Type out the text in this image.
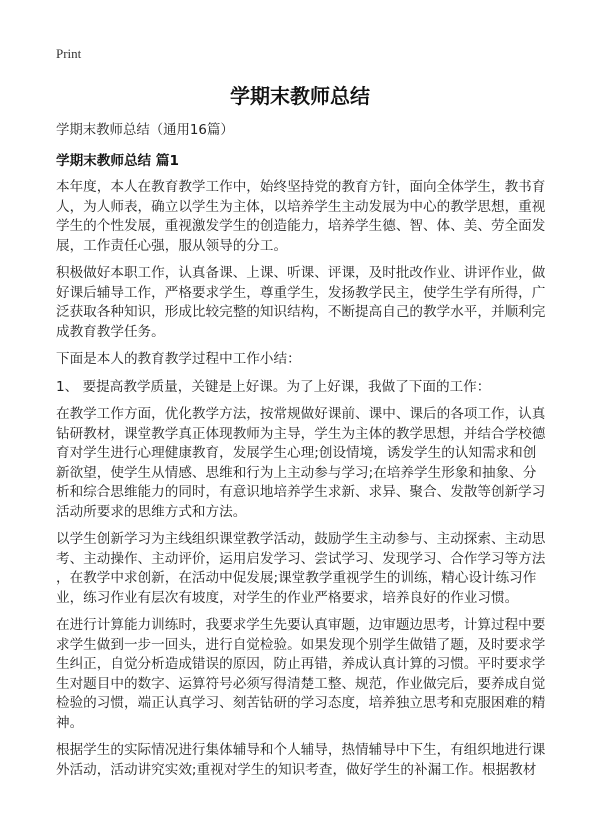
Print
学期末教师总结
学期末教师总结（通用16篇）
学期末教师总结 篇1

本年度，本人在教育教学工作中，始终坚持党的教育方针，面向全体学生，教书育
人，为人师表，确立以学生为主体，以培养学生主动发展为中心的教学思想，重视
学生的个性发展，重视激发学生的创造能力，培养学生德、智、体、美、劳全面发
展，工作责任心强，服从领导的分工。

积极做好本职工作，认真备课、上课、听课、评课，及时批改作业、讲评作业，做
好课后辅导工作，严格要求学生，尊重学生，发扬教学民主，使学生学有所得，广
泛获取各种知识，形成比较完整的知识结构，不断提高自己的教学水平，并顺利完
成教育教学任务。

下面是本人的教育教学过程中工作小结：

1、 要提高教学质量，关键是上好课。为了上好课，我做了下面的工作：

在教学工作方面，优化教学方法，按常规做好课前、课中、课后的各项工作，认真
钻研教材，课堂教学真正体现教师为主导，学生为主体的教学思想，并结合学校德
育对学生进行心理健康教育，发展学生心理;创设情境，诱发学生的认知需求和创
新欲望，使学生从情感、思维和行为上主动参与学习;在培养学生形象和抽象、分
析和综合思维能力的同时，有意识地培养学生求新、求异、聚合、发散等创新学习
活动所要求的思维方式和方法。

以学生创新学习为主线组织课堂教学活动，鼓励学生主动参与、主动探索、主动思
考、主动操作、主动评价，运用启发学习、尝试学习、发现学习、合作学习等方法
，在教学中求创新，在活动中促发展;课堂教学重视学生的训练，精心设计练习作
业，练习作业有层次有坡度，对学生的作业严格要求，培养良好的作业习惯。

在进行计算能力训练时，我要求学生先要认真审题，边审题边思考，计算过程中要
求学生做到一步一回头，进行自觉检验。如果发现个别学生做错了题，及时要求学
生纠正，自觉分析造成错误的原因，防止再错，养成认真计算的习惯。平时要求学
生对题目中的数字、运算符号必须写得清楚工整、规范，作业做完后，要养成自觉
检验的习惯，端正认真学习、刻苦钻研的学习态度，培养独立思考和克服困难的精
神。

根据学生的实际情况进行集体辅导和个人辅导，热情辅导中下生，有组织地进行课
外活动，活动讲究实效;重视对学生的知识考查，做好学生的补漏工作。根据教材
